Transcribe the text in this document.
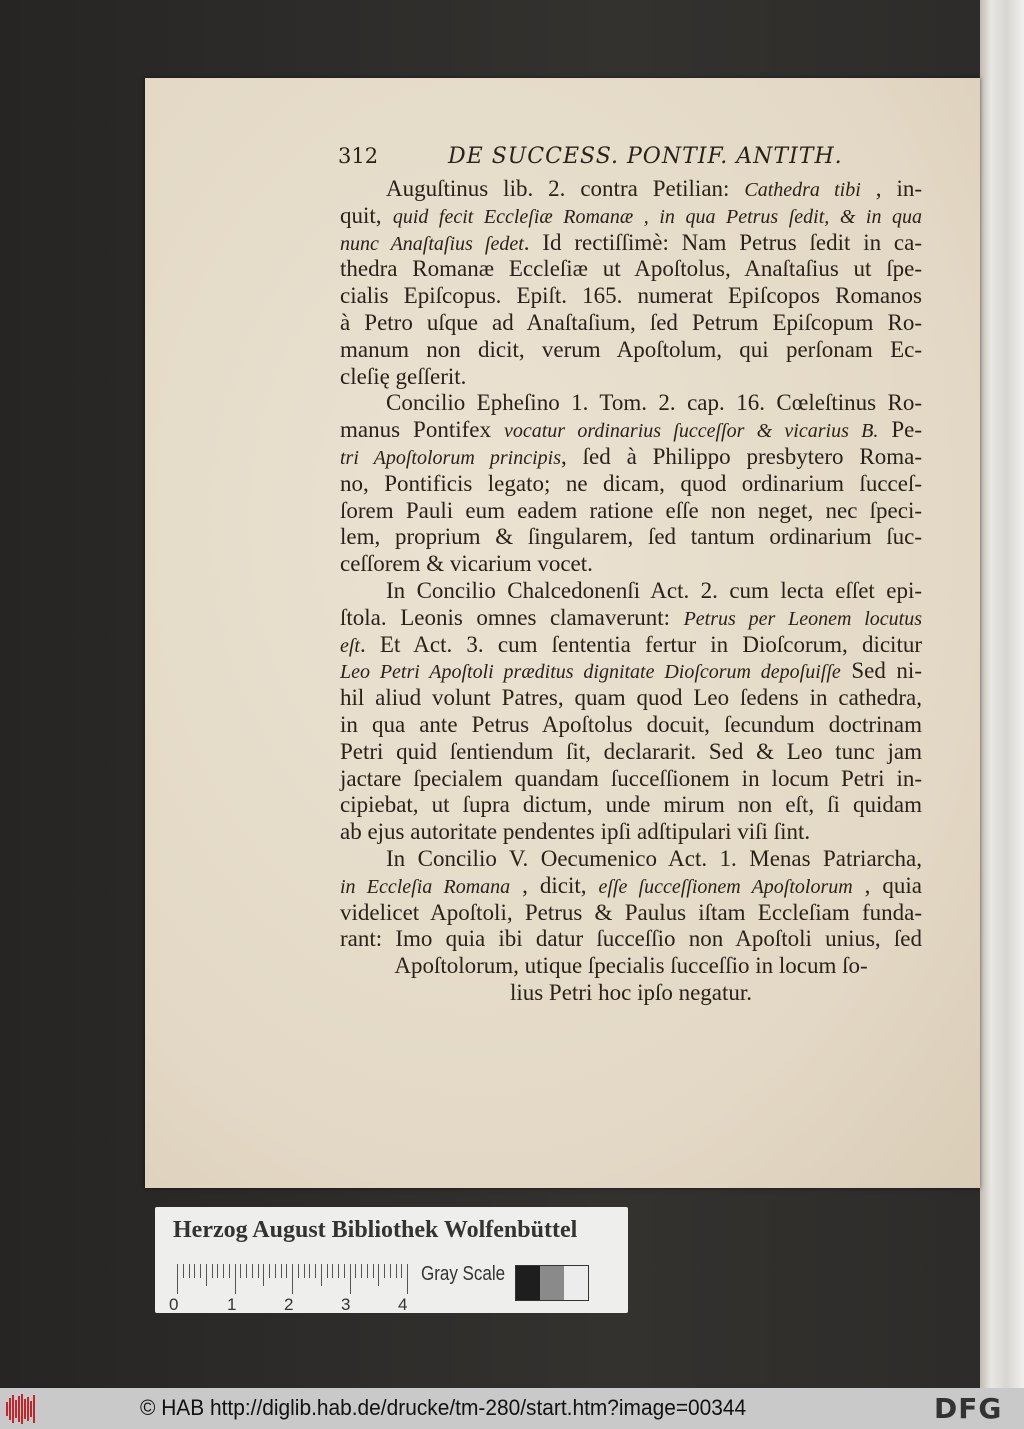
312	DE SUCCESS. PONTIF. ANTITH.
Auguſtinus lib. 2. contra Petilian: Cathedra tibi , in-
quit, quid fecit Eccleſiæ Romanæ , in qua Petrus ſedit, & in qua
nunc Anaſtaſius ſedet. Id rectiſſimè: Nam Petrus ſedit in ca-
thedra Romanæ Eccleſiæ ut Apoſtolus, Anaſtaſius ut ſpe-
cialis Epiſcopus. Epiſt. 165. numerat Epiſcopos Romanos
à Petro uſque ad Anaſtaſium, ſed Petrum Epiſcopum Ro-
manum non dicit, verum Apoſtolum, qui perſonam Ec-
cleſię geſſerit.
Concilio Epheſino 1. Tom. 2. cap. 16. Cœleſtinus Ro-
manus Pontifex vocatur ordinarius ſucceſſor & vicarius B. Pe-
tri Apoſtolorum principis, ſed à Philippo presbytero Roma-
no, Pontificis legato; ne dicam, quod ordinarium ſucceſ-
ſorem Pauli eum eadem ratione eſſe non neget, nec ſpeci-
lem, proprium & ſingularem, ſed tantum ordinarium ſuc-
ceſſorem & vicarium vocet.
In Concilio Chalcedonenſi Act. 2. cum lecta eſſet epi-
ſtola. Leonis omnes clamaverunt: Petrus per Leonem locutus
eſt. Et Act. 3. cum ſententia fertur in Dioſcorum, dicitur
Leo Petri Apoſtoli præditus dignitate Dioſcorum depoſuiſſe Sed ni-
hil aliud volunt Patres, quam quod Leo ſedens in cathedra,
in qua ante Petrus Apoſtolus docuit, ſecundum doctrinam
Petri quid ſentiendum ſit, declararit. Sed & Leo tunc jam
jactare ſpecialem quandam ſucceſſionem in locum Petri in-
cipiebat, ut ſupra dictum, unde mirum non eſt, ſi quidam
ab ejus autoritate pendentes ipſi adſtipulari viſi ſint.
In Concilio V. Oecumenico Act. 1. Menas Patriarcha,
in Eccleſia Romana , dicit, eſſe ſucceſſionem Apoſtolorum , quia
videlicet Apoſtoli, Petrus & Paulus iſtam Eccleſiam funda-
rant: Imo quia ibi datur ſucceſſio non Apoſtoli unius, ſed
Apoſtolorum, utique ſpecialis ſucceſſio in locum ſo-
lius Petri hoc ipſo negatur.
Herzog August Bibliothek Wolfenbüttel
0	1	2	3	4
Gray Scale
© HAB http://diglib.hab.de/drucke/tm-280/start.htm?image=00344	DFG
